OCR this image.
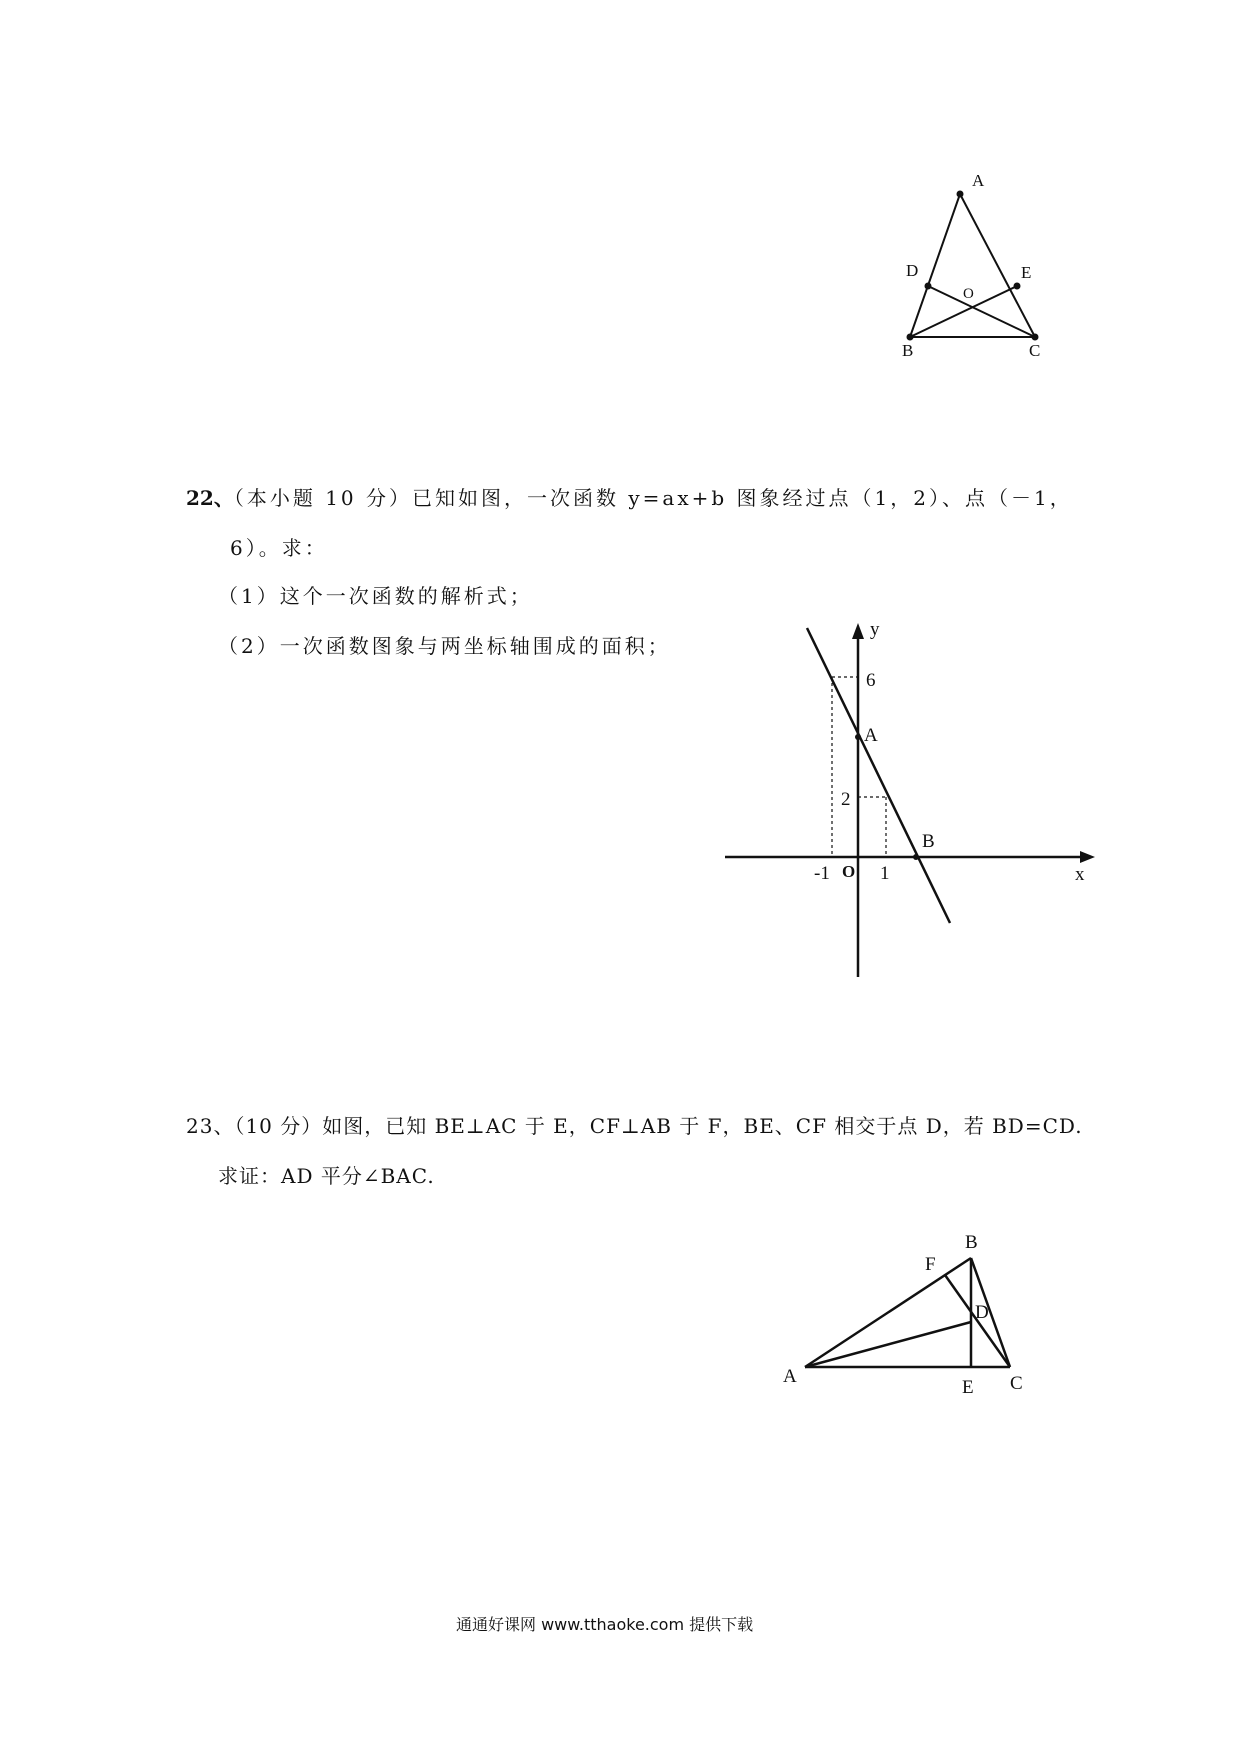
A
D	E
O
B	C
22、（本小题 10 分）已知如图，一次函数 y=ax+b 图象经过点（1，2）、点（－1，
6）。求：
（1）这个一次函数的解析式；
（2）一次函数图象与两坐标轴围成的面积；
y
x
6
2
A
B
-1 O 1
23、（10 分）如图，已知 BE⊥AC 于 E，CF⊥AB 于 F，BE、CF 相交于点 D，若 BD=CD.
求证：AD 平分∠BAC.
A
B
C
D
E
F
通通好课网 www.tthaoke.com 提供下载
